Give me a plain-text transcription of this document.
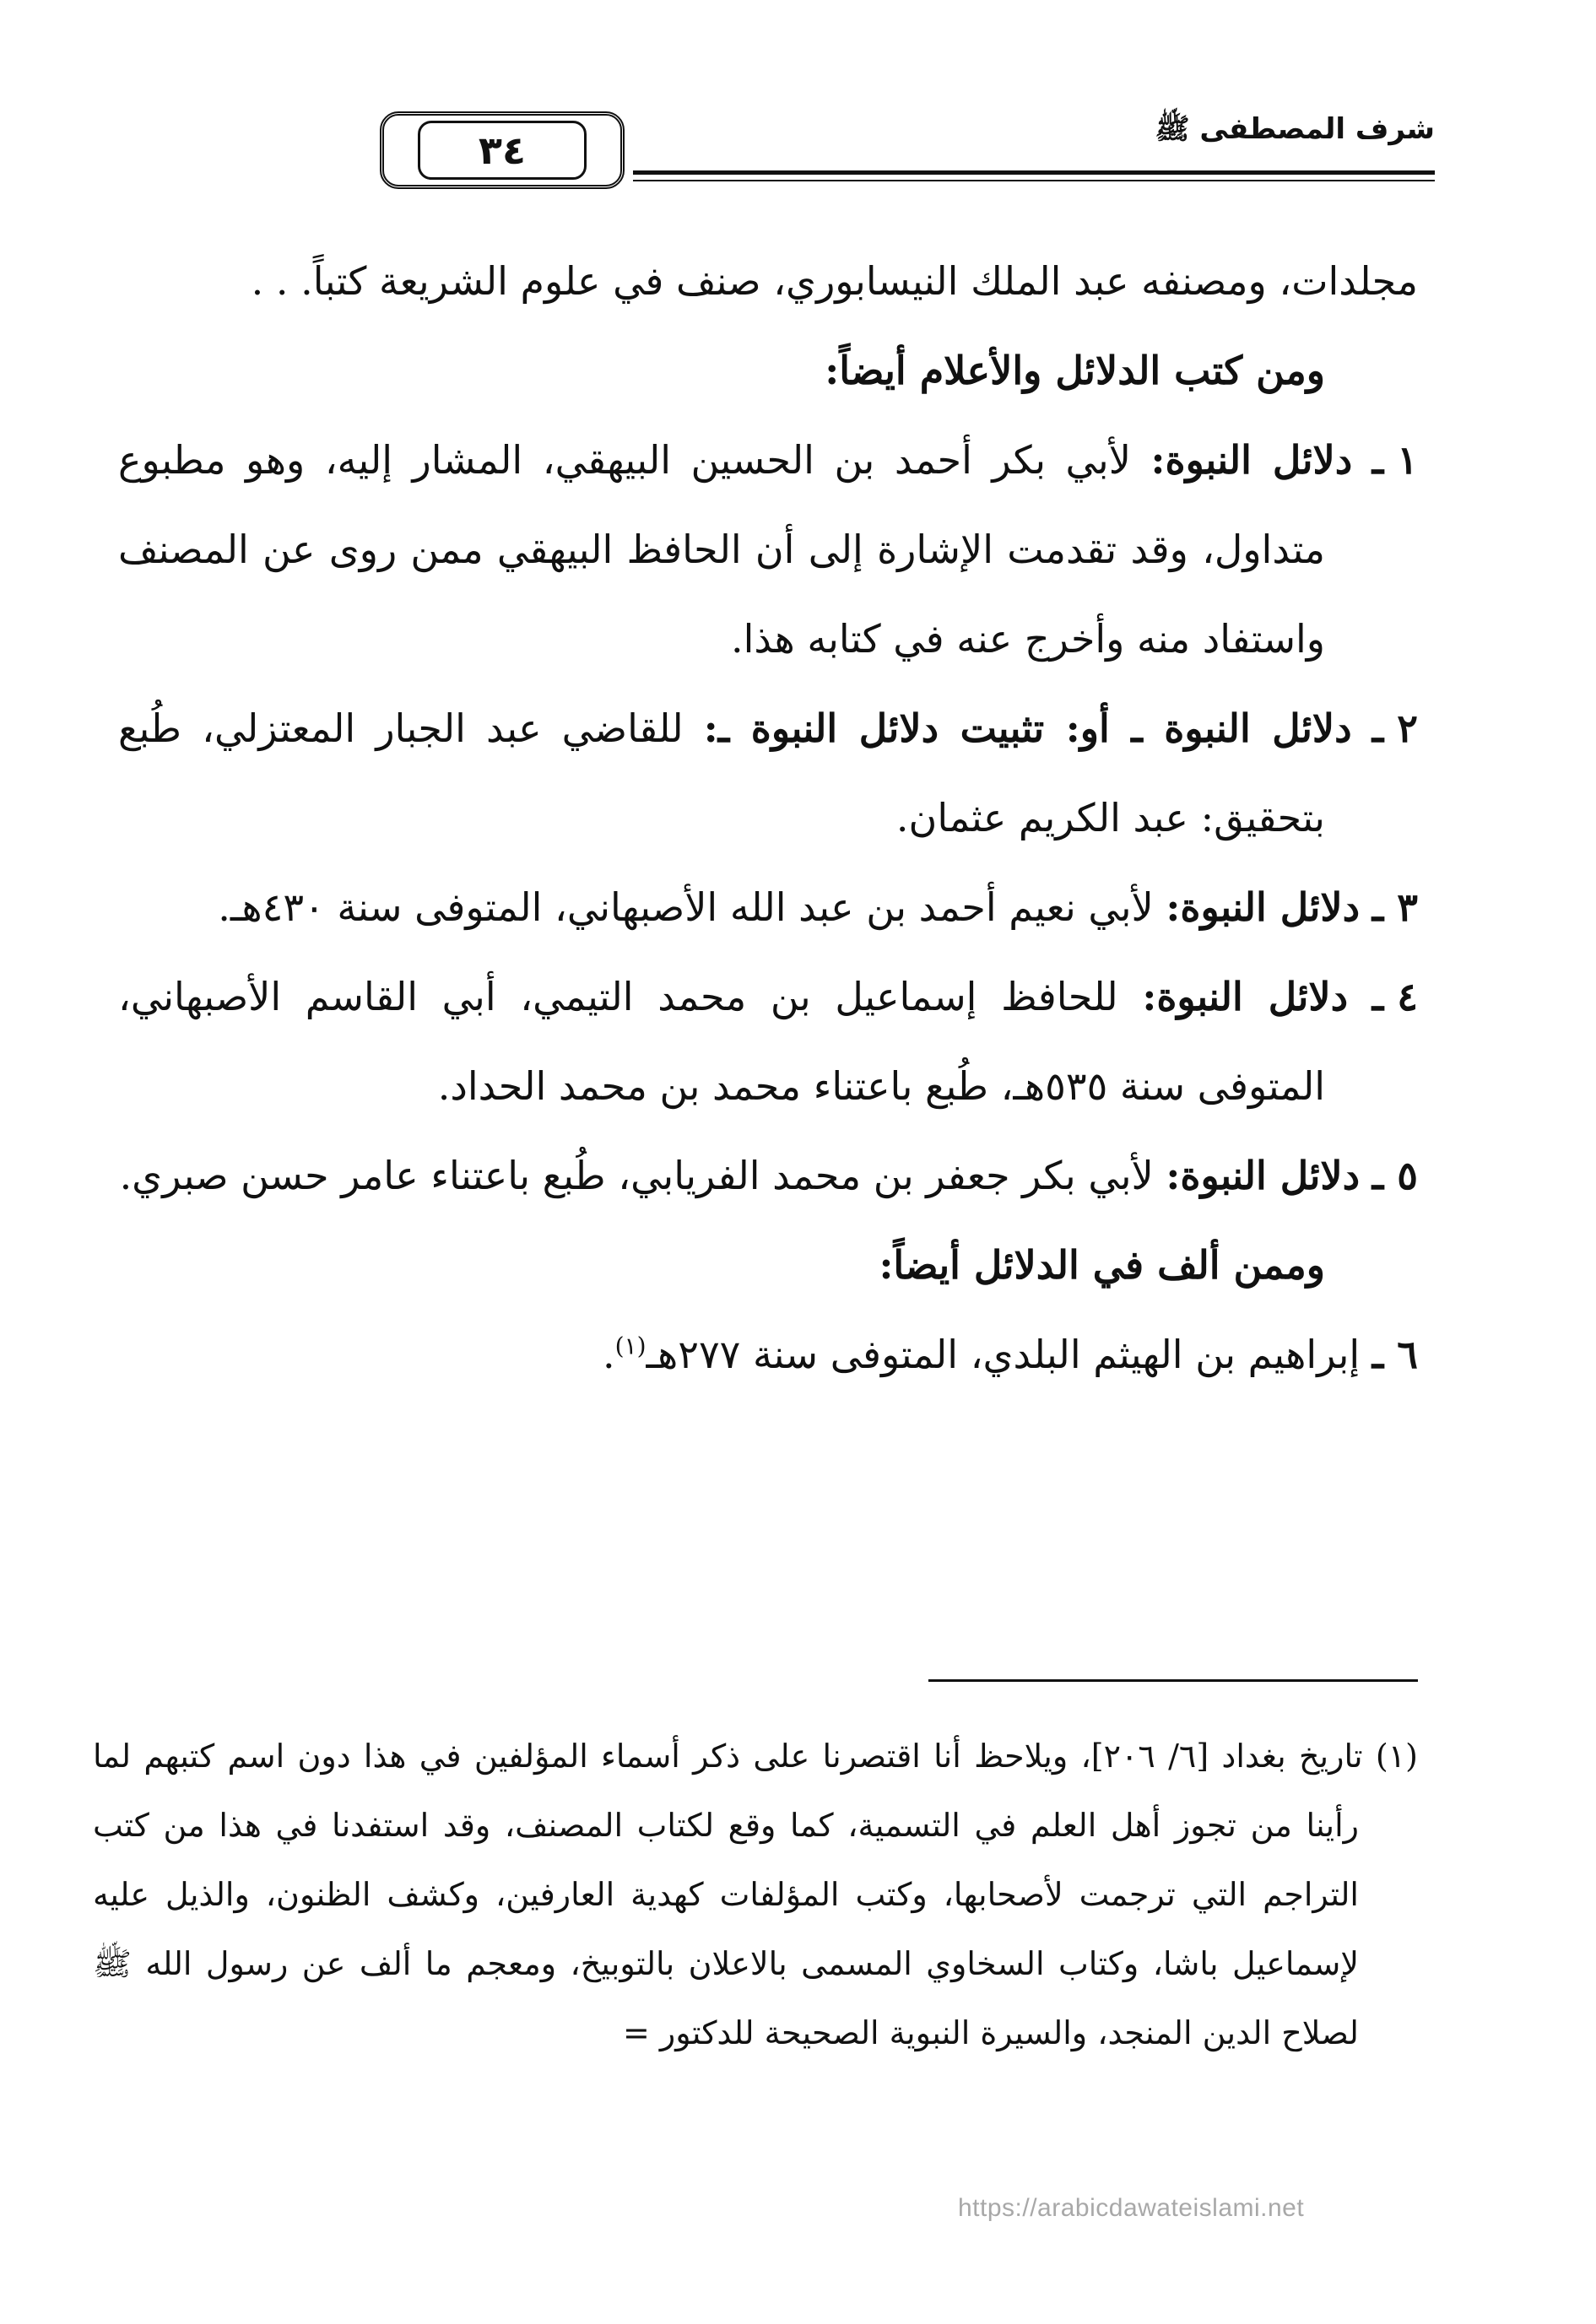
شرف المصطفى ﷺ
٣٤

مجلدات، ومصنفه عبد الملك النيسابوري، صنف في علوم الشريعة كتباً. . .

ومن كتب الدلائل والأعلام أيضاً:

١ ـ دلائل النبوة: لأبي بكر أحمد بن الحسين البيهقي، المشار إليه، وهو مطبوع متداول، وقد تقدمت الإشارة إلى أن الحافظ البيهقي ممن روى عن المصنف واستفاد منه وأخرج عنه في كتابه هذا.

٢ ـ دلائل النبوة ـ أو: تثبيت دلائل النبوة ـ: للقاضي عبد الجبار المعتزلي، طُبع بتحقيق: عبد الكريم عثمان.

٣ ـ دلائل النبوة: لأبي نعيم أحمد بن عبد الله الأصبهاني، المتوفى سنة ٤٣٠هـ.

٤ ـ دلائل النبوة: للحافظ إسماعيل بن محمد التيمي، أبي القاسم الأصبهاني، المتوفى سنة ٥٣٥هـ، طُبع باعتناء محمد بن محمد الحداد.

٥ ـ دلائل النبوة: لأبي بكر جعفر بن محمد الفريابي، طُبع باعتناء عامر حسن صبري.

وممن ألف في الدلائل أيضاً:

٦ ـ إبراهيم بن الهيثم البلدي، المتوفى سنة ٢٧٧هـ$^{(١)}$.

(١) تاريخ بغداد [٦/ ٢٠٦]، ويلاحظ أنا اقتصرنا على ذكر أسماء المؤلفين في هذا دون اسم كتبهم لما رأينا من تجوز أهل العلم في التسمية، كما وقع لكتاب المصنف، وقد استفدنا في هذا من كتب التراجم التي ترجمت لأصحابها، وكتب المؤلفات كهدية العارفين، وكشف الظنون، والذيل عليه لإسماعيل باشا، وكتاب السخاوي المسمى بالاعلان بالتوبيخ، ومعجم ما ألف عن رسول الله ﷺ لصلاح الدين المنجد، والسيرة النبوية الصحيحة للدكتور =
https://arabicdawateislami.net
